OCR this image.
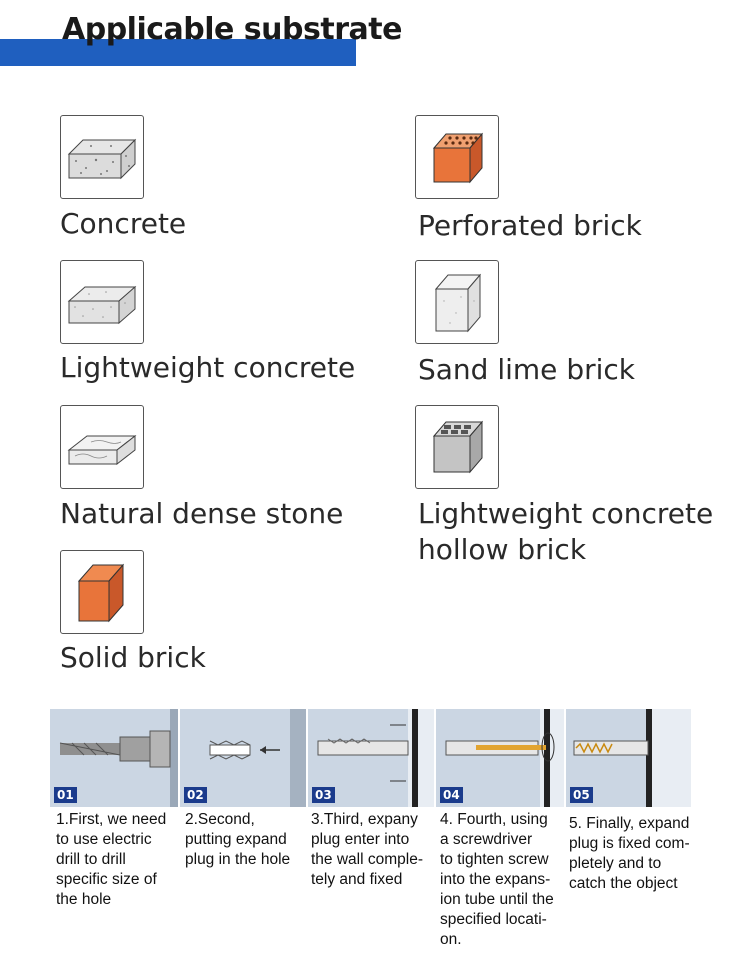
Applicable substrate
Concrete	Perforated brick
Lightweight concrete Sand lime brick
Natural dense stone	Lightweight concrete
hollow brick
Solid brick
01	02	03	04	05
1.First, we need
to use electric
drill to drill
specific size of
the hole
2.Second,
putting expand
plug in the hole
3.Third, expany
plug enter into
the wall comple-
tely and fixed
4. Fourth, using
a screwdriver
to tighten screw
into the expans-
ion tube until the
specified locati-
on.
5. Finally, expand
plug is fixed com-
pletely and to
catch the object
